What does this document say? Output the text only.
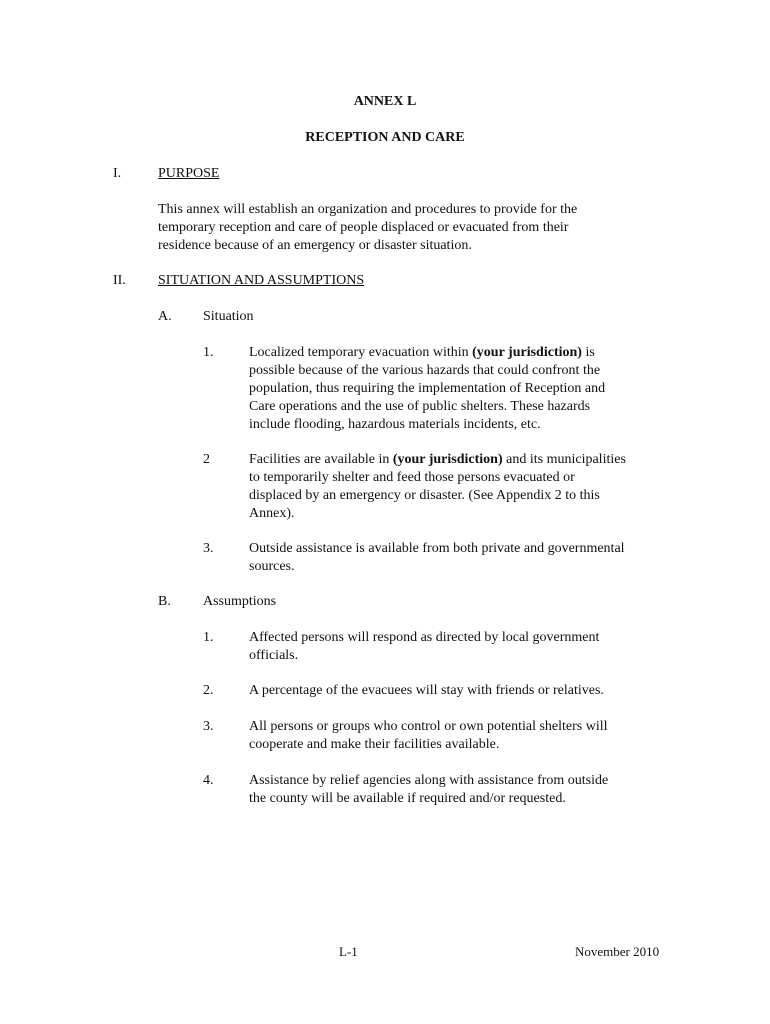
ANNEX L
RECEPTION AND CARE
I.	PURPOSE
This annex will establish an organization and procedures to provide for the
temporary reception and care of people displaced or evacuated from their
residence because of an emergency or disaster situation.
II. SITUATION AND ASSUMPTIONS
A. Situation
1.	Localized temporary evacuation within (your jurisdiction) is
possible because of the various hazards that could confront the
population, thus requiring the implementation of Reception and
Care operations and the use of public shelters. These hazards
include flooding, hazardous materials incidents, etc.
2	Facilities are available in (your jurisdiction) and its municipalities
to temporarily shelter and feed those persons evacuated or
displaced by an emergency or disaster. (See Appendix 2 to this
Annex).
3.	Outside assistance is available from both private and governmental
sources.
B. Assumptions
1.	Affected persons will respond as directed by local government
officials.
2.	A percentage of the evacuees will stay with friends or relatives.
3.	All persons or groups who control or own potential shelters will
cooperate and make their facilities available.
4.	Assistance by relief agencies along with assistance from outside
the county will be available if required and/or requested.
L-1	November 2010
